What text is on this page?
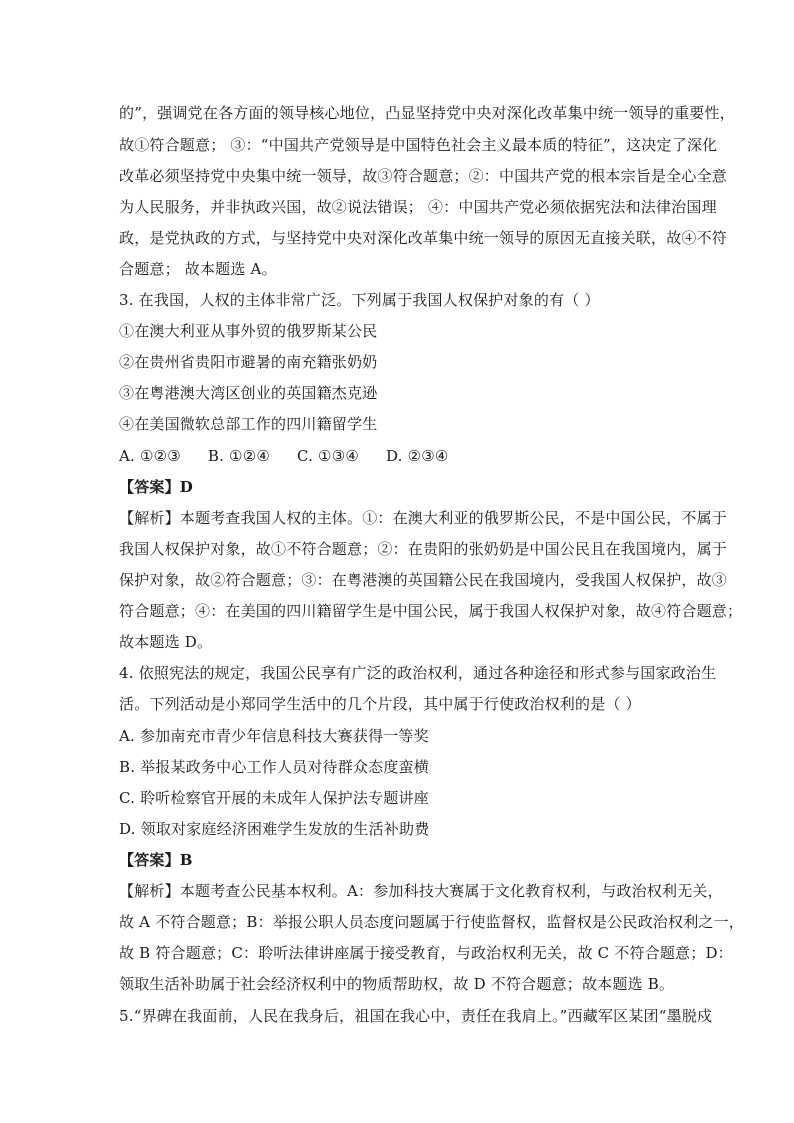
的”，强调党在各方面的领导核心地位，凸显坚持党中央对深化改革集中统一领导的重要性，
故①符合题意； ③：“中国共产党领导是中国特色社会主义最本质的特征”，这决定了深化
改革必须坚持党中央集中统一领导，故③符合题意；②：中国共产党的根本宗旨是全心全意
为人民服务，并非执政兴国，故②说法错误； ④：中国共产党必须依据宪法和法律治国理
政，是党执政的方式，与坚持党中央对深化改革集中统一领导的原因无直接关联，故④不符
合题意； 故本题选 A。
3. 在我国，人权的主体非常广泛。下列属于我国人权保护对象的有（ ）
①在澳大利亚从事外贸的俄罗斯某公民
②在贵州省贵阳市避暑的南充籍张奶奶
③在粤港澳大湾区创业的英国籍杰克逊
④在美国微软总部工作的四川籍留学生
A. ①②③ B. ①②④ C. ①③④ D. ②③④
【答案】D
【解析】本题考查我国人权的主体。①：在澳大利亚的俄罗斯公民，不是中国公民，不属于
我国人权保护对象，故①不符合题意；②：在贵阳的张奶奶是中国公民且在我国境内，属于
保护对象，故②符合题意；③：在粤港澳的英国籍公民在我国境内，受我国人权保护，故③
符合题意；④：在美国的四川籍留学生是中国公民，属于我国人权保护对象，故④符合题意；
故本题选 D。
4. 依照宪法的规定，我国公民享有广泛的政治权利，通过各种途径和形式参与国家政治生
活。下列活动是小郑同学生活中的几个片段，其中属于行使政治权利的是（ ）
A. 参加南充市青少年信息科技大赛获得一等奖
B. 举报某政务中心工作人员对待群众态度蛮横
C. 聆听检察官开展的未成年人保护法专题讲座
D. 领取对家庭经济困难学生发放的生活补助费
【答案】B
【解析】本题考查公民基本权利。A：参加科技大赛属于文化教育权利，与政治权利无关，
故 A 不符合题意；B：举报公职人员态度问题属于行使监督权，监督权是公民政治权利之一，
故 B 符合题意；C：聆听法律讲座属于接受教育，与政治权利无关，故 C 不符合题意；D：
领取生活补助属于社会经济权利中的物质帮助权，故 D 不符合题意；故本题选 B。
5.“界碑在我面前，人民在我身后，祖国在我心中，责任在我肩上。”西藏军区某团“墨脱戍
